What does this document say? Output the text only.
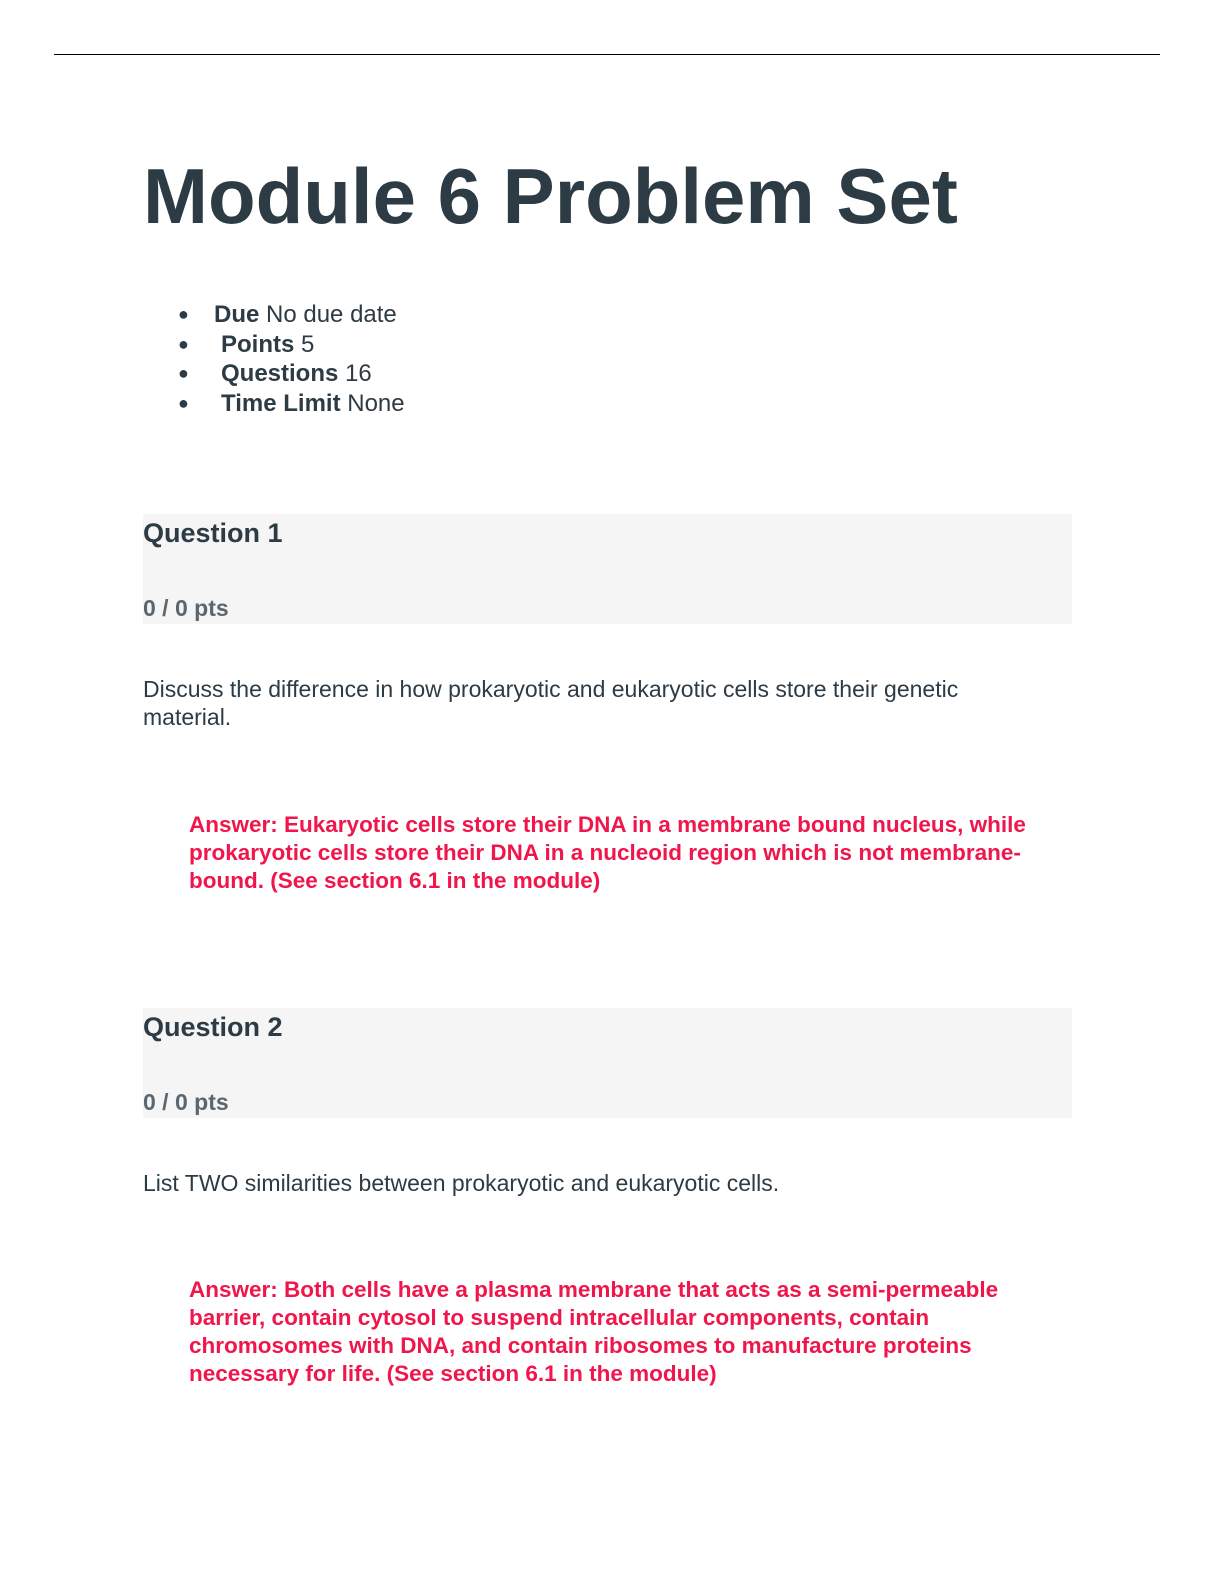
Module 6 Problem Set
● Due No due date
● Points 5
● Questions 16
● Time Limit None
Question 1
0 / 0 pts
Discuss the difference in how prokaryotic and eukaryotic cells store their genetic material.
Answer: Eukaryotic cells store their DNA in a membrane bound nucleus, while prokaryotic cells store their DNA in a nucleoid region which is not membrane-bound. (See section 6.1 in the module)
Question 2
0 / 0 pts
List TWO similarities between prokaryotic and eukaryotic cells.
Answer: Both cells have a plasma membrane that acts as a semi-permeable barrier, contain cytosol to suspend intracellular components, contain chromosomes with DNA, and contain ribosomes to manufacture proteins necessary for life. (See section 6.1 in the module)
